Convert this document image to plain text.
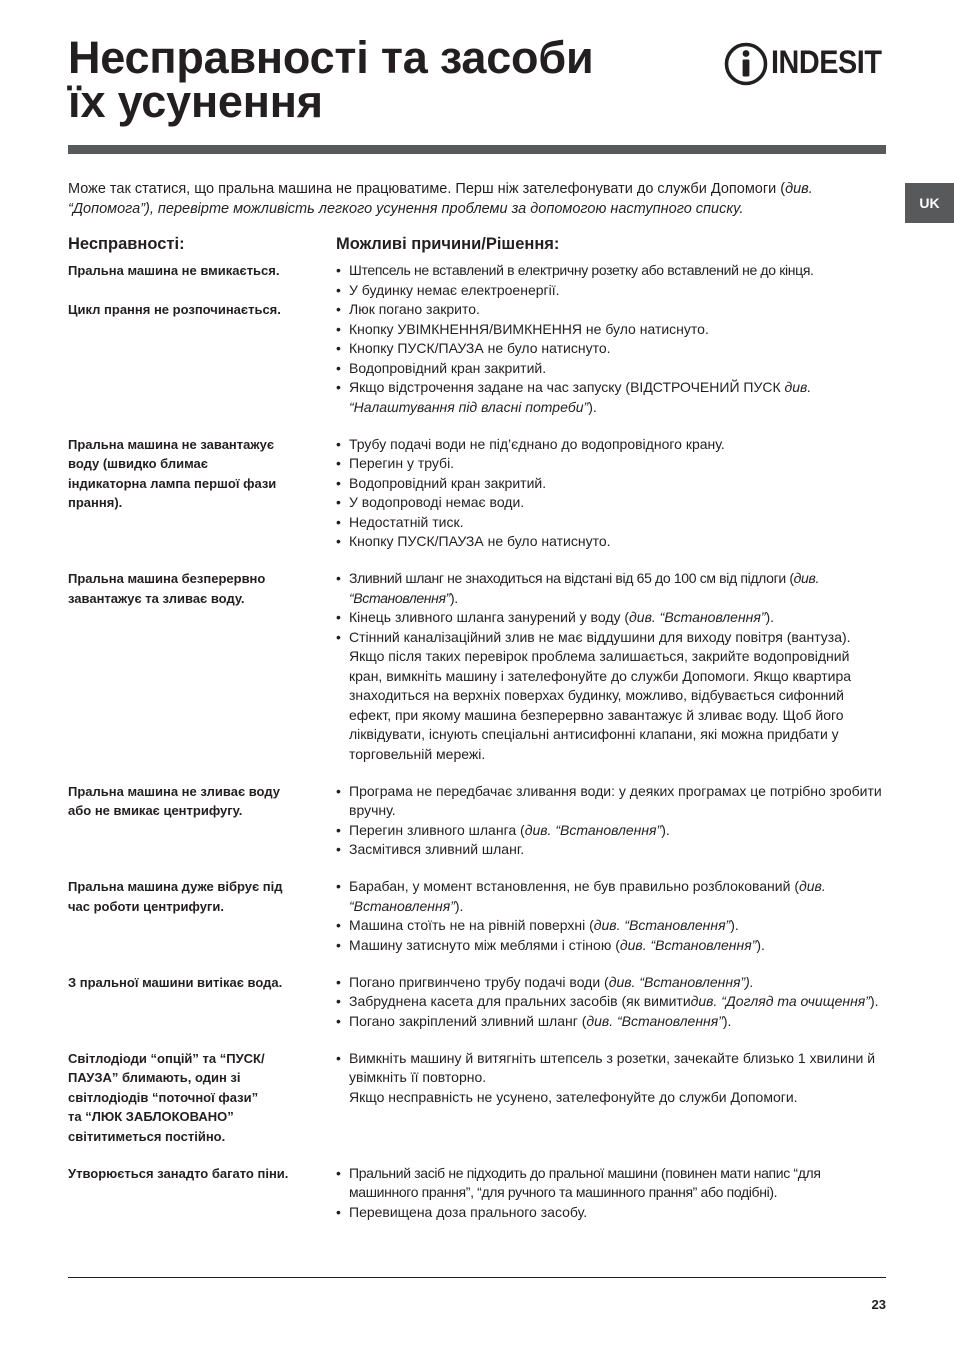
Несправності та засоби
їх усунення
INDESIT
UK

Може так статися, що пральна машина не працюватиме. Перш ніж зателефонувати до служби Допомоги (див. “Допомога”), перевірте можливість легкого усунення проблеми за допомогою наступного списку.

Несправності:	Можливі причини/Рішення:
Пральна машина не вмикається.	• Штепсель не вставлений в електричну розетку або вставлений не до кінця.
• У будинку немає електроенергії.
Цикл прання не розпочинається.	• Люк погано закрито.
• Кнопку УВІМКНЕННЯ/ВИМКНЕННЯ не було натиснуто.
• Кнопку ПУСК/ПАУЗА не було натиснуто.
• Водопровідний кран закритий.
• Якщо відстрочення задане на час запуску (ВІДСТРОЧЕНИЙ ПУСК див. “Налаштування під власні потреби”).
Пральна машина не завантажує
воду (швидко блимає
індикаторна лампа першої фази
прання).
• Трубу подачі води не під’єднано до водопровідного крану.
• Перегин у трубі.
• Водопровідний кран закритий.
• У водопроводі немає води.
• Недостатній тиск.
• Кнопку ПУСК/ПАУЗА не було натиснуто.
Пральна машина безперервно
завантажує та зливає воду.
• Зливний шланг не знаходиться на відстані від 65 до 100 см від підлоги (див. “Встановлення”).
• Кінець зливного шланга занурений у воду (див. “Встановлення”).
• Стінний каналізаційний злив не має віддушини для виходу повітря (вантуза).
Якщо після таких перевірок проблема залишається, закрийте водопровідний кран, вимкніть машину і зателефонуйте до служби Допомоги. Якщо квартира знаходиться на верхніх поверхах будинку, можливо, відбувається сифонний ефект, при якому машина безперервно завантажує й зливає воду. Щоб його ліквідувати, існують спеціальні антисифонні клапани, які можна придбати у торговельній мережі.
Пральна машина не зливає воду
або не вмикає центрифугу.
• Програма не передбачає зливання води: у деяких програмах це потрібно зробити вручну.
• Перегин зливного шланга (див. “Встановлення”).
• Засмітився зливний шланг.
Пральна машина дуже вібрує під
час роботи центрифуги.
• Барабан, у момент встановлення, не був правильно розблокований (див. “Встановлення”).
• Машина стоїть не на рівній поверхні (див. “Встановлення”).
• Машину затиснуто між меблями і стіною (див. “Встановлення”).
З пральної машини витікає вода.	• Погано пригвинчено трубу подачі води (див. “Встановлення”).
• Забруднена касета для пральних засобів (як вимитидив. “Догляд та очищення”).
• Погано закріплений зливний шланг (див. “Встановлення”).
Світлодіоди “опцій” та “ПУСК/
ПАУЗА” блимають, один зі
світлодіодів “поточної фази”
та “ЛЮК ЗАБЛОКОВАНО”
світитиметься постійно.
• Вимкніть машину й витягніть штепсель з розетки, зачекайте близько 1 хвилини й увімкніть її повторно.
Якщо несправність не усунено, зателефонуйте до служби Допомоги.
Утворюється занадто багато піни.	• Пральний засіб не підходить до пральної машини (повинен мати напис “для машинного прання”, “для ручного та машинного прання” або подібні).
• Перевищена доза прального засобу.
23
